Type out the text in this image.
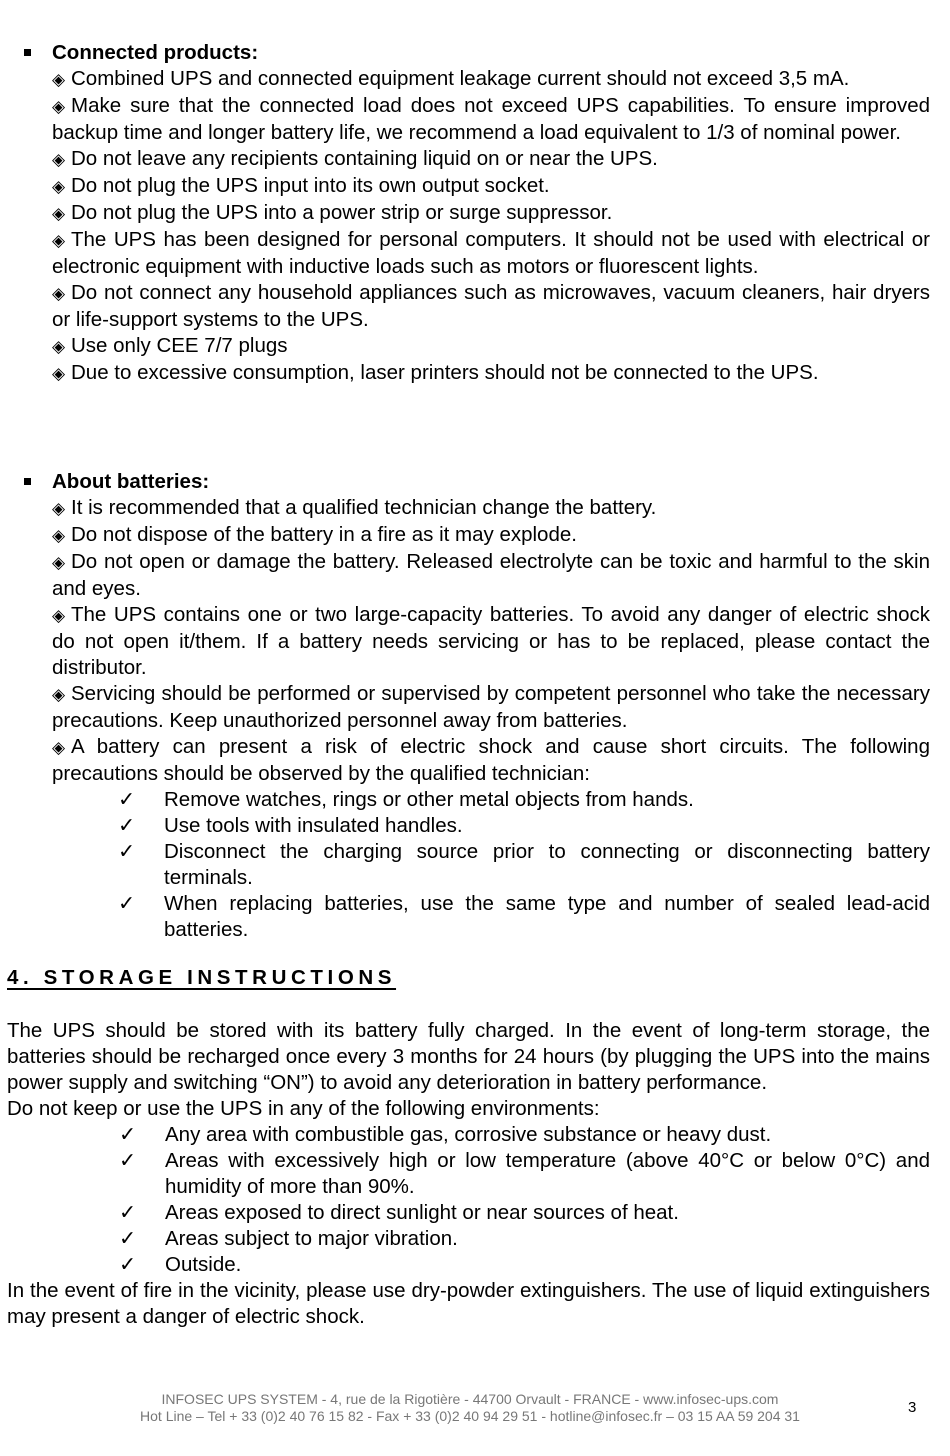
Connected products:
◈ Combined UPS and connected equipment leakage current should not exceed 3,5 mA.
◈ Make sure that the connected load does not exceed UPS capabilities. To ensure improved backup time and longer battery life, we recommend a load equivalent to 1/3 of nominal power.
◈ Do not leave any recipients containing liquid on or near the UPS.
◈ Do not plug the UPS input into its own output socket.
◈ Do not plug the UPS into a power strip or surge suppressor.
◈ The UPS has been designed for personal computers. It should not be used with electrical or electronic equipment with inductive loads such as motors or fluorescent lights.
◈ Do not connect any household appliances such as microwaves, vacuum cleaners, hair dryers or life-support systems to the UPS.
◈ Use only CEE 7/7 plugs
◈ Due to excessive consumption, laser printers should not be connected to the UPS.
About batteries:
◈ It is recommended that a qualified technician change the battery.
◈ Do not dispose of the battery in a fire as it may explode.
◈ Do not open or damage the battery. Released electrolyte can be toxic and harmful to the skin and eyes.
◈ The UPS contains one or two large-capacity batteries. To avoid any danger of electric shock do not open it/them. If a battery needs servicing or has to be replaced, please contact the distributor.
◈ Servicing should be performed or supervised by competent personnel who take the necessary precautions. Keep unauthorized personnel away from batteries.
◈ A battery can present a risk of electric shock and cause short circuits. The following precautions should be observed by the qualified technician:
✓ Remove watches, rings or other metal objects from hands.
✓ Use tools with insulated handles.
✓ Disconnect the charging source prior to connecting or disconnecting battery terminals.
✓ When replacing batteries, use the same type and number of sealed lead-acid batteries.
4. STORAGE INSTRUCTIONS
The UPS should be stored with its battery fully charged. In the event of long-term storage, the batteries should be recharged once every 3 months for 24 hours (by plugging the UPS into the mains power supply and switching “ON”) to avoid any deterioration in battery performance.
Do not keep or use the UPS in any of the following environments:
✓ Any area with combustible gas, corrosive substance or heavy dust.
✓ Areas with excessively high or low temperature (above 40°C or below 0°C) and humidity of more than 90%.
✓ Areas exposed to direct sunlight or near sources of heat.
✓ Areas subject to major vibration.
✓ Outside.
In the event of fire in the vicinity, please use dry-powder extinguishers. The use of liquid extinguishers may present a danger of electric shock.
INFOSEC UPS SYSTEM - 4, rue de la Rigotière - 44700 Orvault - FRANCE - www.infosec-ups.com
Hot Line – Tel + 33 (0)2 40 76 15 82 - Fax + 33 (0)2 40 94 29 51 - hotline@infosec.fr – 03 15 AA 59 204 31	3
